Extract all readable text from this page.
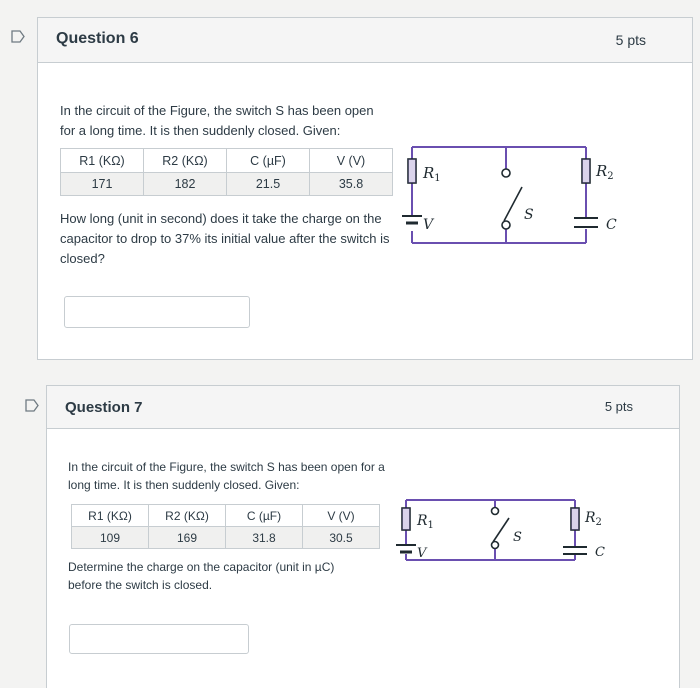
Question 6	5 pts
In the circuit of the Figure, the switch S has been open for a long time. It is then suddenly closed. Given:
R1 (KΩ)	R2 (KΩ)	C (µF)	V (V)
171	182	21.5	35.8
How long (unit in second) does it take the charge on the capacitor to drop to 37% its initial value after the switch is closed?
$R_1$
V
S
$R_2$
C
Question 7	5 pts
In the circuit of the Figure, the switch S has been open for a long time. It is then suddenly closed. Given:
R1 (KΩ)	R2 (KΩ)	C (µF)	V (V)
109	169	31.8	30.5
Determine the charge on the capacitor (unit in µC) before the switch is closed.
$R_1$
V
S
$R_2$
C
